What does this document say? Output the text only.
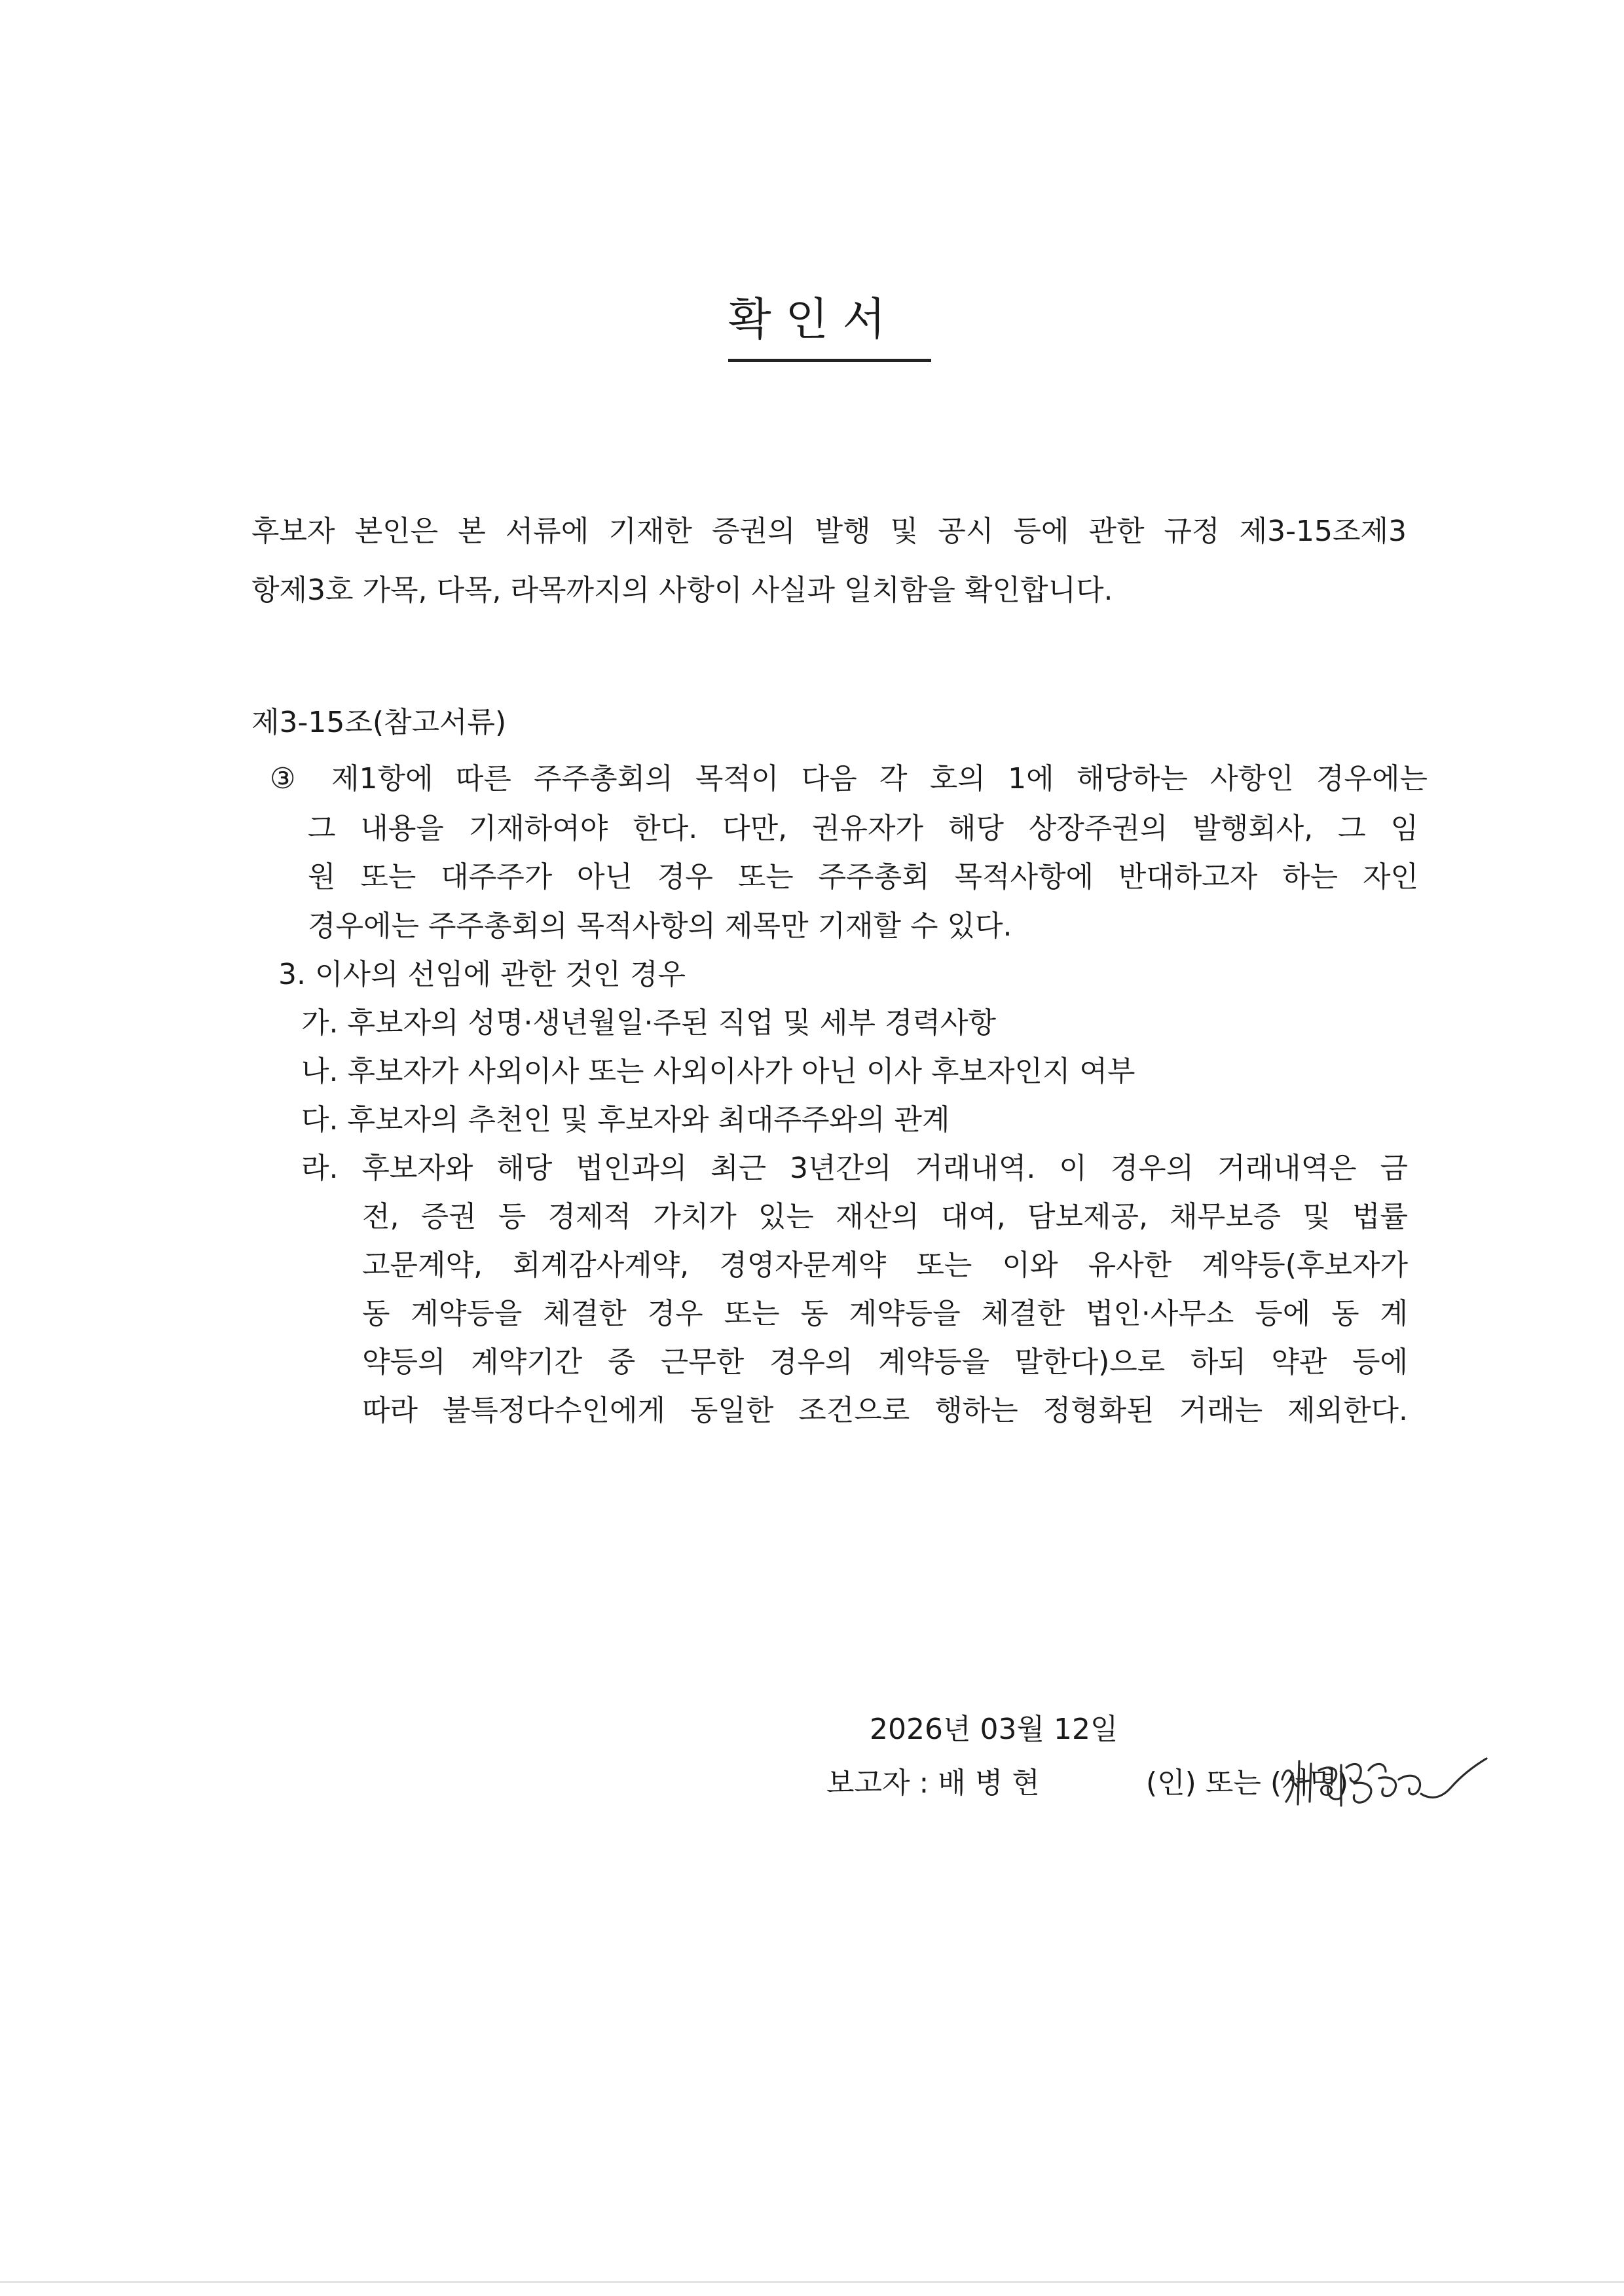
확 인 서
후보자 본인은 본 서류에 기재한 증권의 발행 및 공시 등에 관한 규정 제3-15조제3
항제3호 가목, 다목, 라목까지의 사항이 사실과 일치함을 확인합니다.
제3-15조(참고서류)
③ 제1항에 따른 주주총회의 목적이 다음 각 호의 1에 해당하는 사항인 경우에는
그 내용을 기재하여야 한다. 다만, 권유자가 해당 상장주권의 발행회사, 그 임
원 또는 대주주가 아닌 경우 또는 주주총회 목적사항에 반대하고자 하는 자인
경우에는 주주총회의 목적사항의 제목만 기재할 수 있다.
3. 이사의 선임에 관한 것인 경우
가. 후보자의 성명·생년월일·주된 직업 및 세부 경력사항
나. 후보자가 사외이사 또는 사외이사가 아닌 이사 후보자인지 여부
다. 후보자의 추천인 및 후보자와 최대주주와의 관계
라. 후보자와 해당 법인과의 최근 3년간의 거래내역. 이 경우의 거래내역은 금
전, 증권 등 경제적 가치가 있는 재산의 대여, 담보제공, 채무보증 및 법률
고문계약, 회계감사계약, 경영자문계약 또는 이와 유사한 계약등(후보자가
동 계약등을 체결한 경우 또는 동 계약등을 체결한 법인·사무소 등에 동 계
약등의 계약기간 중 근무한 경우의 계약등을 말한다)으로 하되 약관 등에
따라 불특정다수인에게 동일한 조건으로 행하는 정형화된 거래는 제외한다.
2026년 03월 12일
보고자 : 배 병 현	(인) 또는 (서명)
